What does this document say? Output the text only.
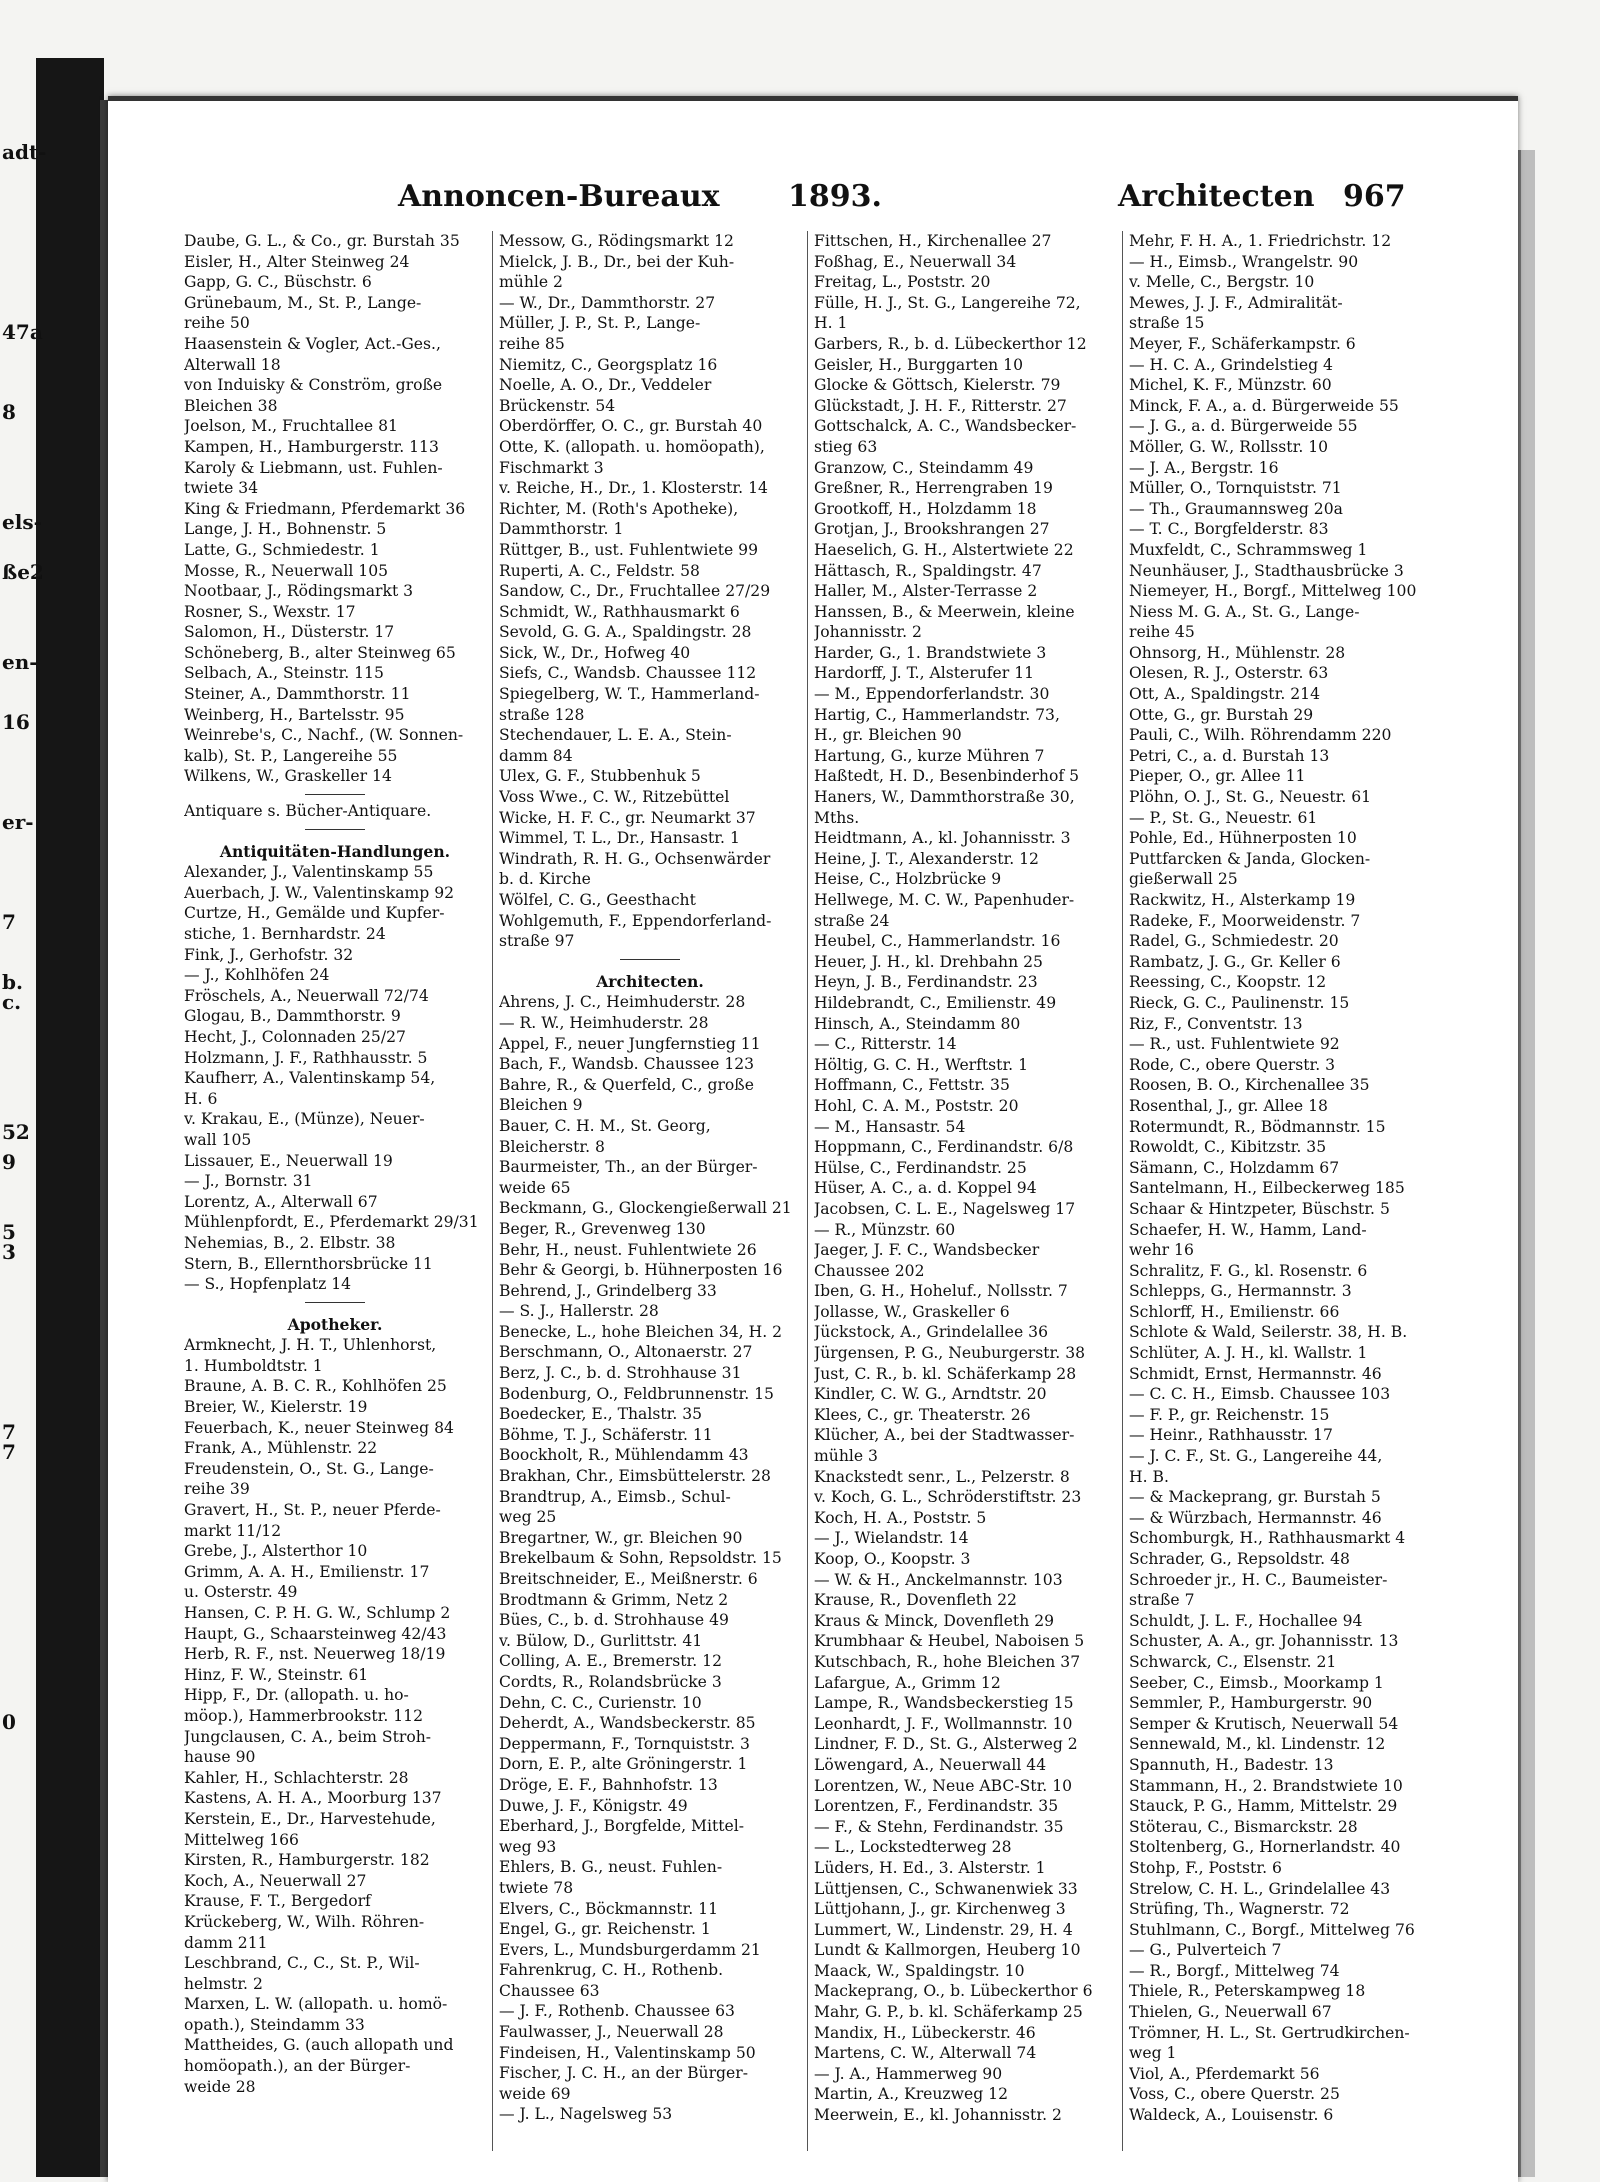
adt-
47a
8
els-
ße2
en-
16
er-
7
b.
c.
52
9
5
3
7
7
0
Annoncen-Bureaux 1893.	Architecten 967
Daube, G. L., & Co., gr. Burstah 35
Eisler, H., Alter Steinweg 24
Gapp, G. C., Büschstr. 6
Grünebaum, M., St. P., Lange-
reihe 50
Haasenstein & Vogler, Act.-Ges.,
Alterwall 18
von Induisky & Conström, große
Bleichen 38
Joelson, M., Fruchtallee 81
Kampen, H., Hamburgerstr. 113
Karoly & Liebmann, ust. Fuhlen-
twiete 34
King & Friedmann, Pferdemarkt 36
Lange, J. H., Bohnenstr. 5
Latte, G., Schmiedestr. 1
Mosse, R., Neuerwall 105
Nootbaar, J., Rödingsmarkt 3
Rosner, S., Wexstr. 17
Salomon, H., Düsterstr. 17
Schöneberg, B., alter Steinweg 65
Selbach, A., Steinstr. 115
Steiner, A., Dammthorstr. 11
Weinberg, H., Bartelsstr. 95
Weinrebe's, C., Nachf., (W. Sonnen-
kalb), St. P., Langereihe 55
Wilkens, W., Graskeller 14
Antiquare s. Bücher-Antiquare.
Antiquitäten-Handlungen.
Alexander, J., Valentinskamp 55
Auerbach, J. W., Valentinskamp 92
Curtze, H., Gemälde und Kupfer-
stiche, 1. Bernhardstr. 24
Fink, J., Gerhofstr. 32
— J., Kohlhöfen 24
Fröschels, A., Neuerwall 72/74
Glogau, B., Dammthorstr. 9
Hecht, J., Colonnaden 25/27
Holzmann, J. F., Rathhausstr. 5
Kaufherr, A., Valentinskamp 54,
H. 6
v. Krakau, E., (Münze), Neuer-
wall 105
Lissauer, E., Neuerwall 19
— J., Bornstr. 31
Lorentz, A., Alterwall 67
Mühlenpfordt, E., Pferdemarkt 29/31
Nehemias, B., 2. Elbstr. 38
Stern, B., Ellernthorsbrücke 11
— S., Hopfenplatz 14
Apotheker.
Armknecht, J. H. T., Uhlenhorst,
1. Humboldtstr. 1
Braune, A. B. C. R., Kohlhöfen 25
Breier, W., Kielerstr. 19
Feuerbach, K., neuer Steinweg 84
Frank, A., Mühlenstr. 22
Freudenstein, O., St. G., Lange-
reihe 39
Gravert, H., St. P., neuer Pferde-
markt 11/12
Grebe, J., Alsterthor 10
Grimm, A. A. H., Emilienstr. 17
u. Osterstr. 49
Hansen, C. P. H. G. W., Schlump 2
Haupt, G., Schaarsteinweg 42/43
Herb, R. F., nst. Neuerweg 18/19
Hinz, F. W., Steinstr. 61
Hipp, F., Dr. (allopath. u. ho-
möop.), Hammerbrookstr. 112
Jungclausen, C. A., beim Stroh-
hause 90
Kahler, H., Schlachterstr. 28
Kastens, A. H. A., Moorburg 137
Kerstein, E., Dr., Harvestehude,
Mittelweg 166
Kirsten, R., Hamburgerstr. 182
Koch, A., Neuerwall 27
Krause, F. T., Bergedorf
Krückeberg, W., Wilh. Röhren-
damm 211
Leschbrand, C., C., St. P., Wil-
helmstr. 2
Marxen, L. W. (allopath. u. homö-
opath.), Steindamm 33
Mattheides, G. (auch allopath und
homöopath.), an der Bürger-
weide 28
Messow, G., Rödingsmarkt 12
Mielck, J. B., Dr., bei der Kuh-
mühle 2
— W., Dr., Dammthorstr. 27
Müller, J. P., St. P., Lange-
reihe 85
Niemitz, C., Georgsplatz 16
Noelle, A. O., Dr., Veddeler
Brückenstr. 54
Oberdörffer, O. C., gr. Burstah 40
Otte, K. (allopath. u. homöopath),
Fischmarkt 3
v. Reiche, H., Dr., 1. Klosterstr. 14
Richter, M. (Roth's Apotheke),
Dammthorstr. 1
Rüttger, B., ust. Fuhlentwiete 99
Ruperti, A. C., Feldstr. 58
Sandow, C., Dr., Fruchtallee 27/29
Schmidt, W., Rathhausmarkt 6
Sevold, G. G. A., Spaldingstr. 28
Sick, W., Dr., Hofweg 40
Siefs, C., Wandsb. Chaussee 112
Spiegelberg, W. T., Hammerland-
straße 128
Stechendauer, L. E. A., Stein-
damm 84
Ulex, G. F., Stubbenhuk 5
Voss Wwe., C. W., Ritzebüttel
Wicke, H. F. C., gr. Neumarkt 37
Wimmel, T. L., Dr., Hansastr. 1
Windrath, R. H. G., Ochsenwärder
b. d. Kirche
Wölfel, C. G., Geesthacht
Wohlgemuth, F., Eppendorferland-
straße 97
Architecten.
Ahrens, J. C., Heimhuderstr. 28
— R. W., Heimhuderstr. 28
Appel, F., neuer Jungfernstieg 11
Bach, F., Wandsb. Chaussee 123
Bahre, R., & Querfeld, C., große
Bleichen 9
Bauer, C. H. M., St. Georg,
Bleicherstr. 8
Baurmeister, Th., an der Bürger-
weide 65
Beckmann, G., Glockengießerwall 21
Beger, R., Grevenweg 130
Behr, H., neust. Fuhlentwiete 26
Behr & Georgi, b. Hühnerposten 16
Behrend, J., Grindelberg 33
— S. J., Hallerstr. 28
Benecke, L., hohe Bleichen 34, H. 2
Berschmann, O., Altonaerstr. 27
Berz, J. C., b. d. Strohhause 31
Bodenburg, O., Feldbrunnenstr. 15
Boedecker, E., Thalstr. 35
Böhme, T. J., Schäferstr. 11
Boockholt, R., Mühlendamm 43
Brakhan, Chr., Eimsbüttelerstr. 28
Brandtrup, A., Eimsb., Schul-
weg 25
Bregartner, W., gr. Bleichen 90
Brekelbaum & Sohn, Repsoldstr. 15
Breitschneider, E., Meißnerstr. 6
Brodtmann & Grimm, Netz 2
Bües, C., b. d. Strohhause 49
v. Bülow, D., Gurlittstr. 41
Colling, A. E., Bremerstr. 12
Cordts, R., Rolandsbrücke 3
Dehn, C. C., Curienstr. 10
Deherdt, A., Wandsbeckerstr. 85
Deppermann, F., Tornquiststr. 3
Dorn, E. P., alte Gröningerstr. 1
Dröge, E. F., Bahnhofstr. 13
Duwe, J. F., Königstr. 49
Eberhard, J., Borgfelde, Mittel-
weg 93
Ehlers, B. G., neust. Fuhlen-
twiete 78
Elvers, C., Böckmannstr. 11
Engel, G., gr. Reichenstr. 1
Evers, L., Mundsburgerdamm 21
Fahrenkrug, C. H., Rothenb.
Chaussee 63
— J. F., Rothenb. Chaussee 63
Faulwasser, J., Neuerwall 28
Findeisen, H., Valentinskamp 50
Fischer, J. C. H., an der Bürger-
weide 69
— J. L., Nagelsweg 53
Fittschen, H., Kirchenallee 27
Foßhag, E., Neuerwall 34
Freitag, L., Poststr. 20
Fülle, H. J., St. G., Langereihe 72,
H. 1
Garbers, R., b. d. Lübeckerthor 12
Geisler, H., Burggarten 10
Glocke & Göttsch, Kielerstr. 79
Glückstadt, J. H. F., Ritterstr. 27
Gottschalck, A. C., Wandsbecker-
stieg 63
Granzow, C., Steindamm 49
Greßner, R., Herrengraben 19
Grootkoff, H., Holzdamm 18
Grotjan, J., Brookshrangen 27
Haeselich, G. H., Alstertwiete 22
Hättasch, R., Spaldingstr. 47
Haller, M., Alster-Terrasse 2
Hanssen, B., & Meerwein, kleine
Johannisstr. 2
Harder, G., 1. Brandstwiete 3
Hardorff, J. T., Alsterufer 11
— M., Eppendorferlandstr. 30
Hartig, C., Hammerlandstr. 73,
H., gr. Bleichen 90
Hartung, G., kurze Mühren 7
Haßtedt, H. D., Besenbinderhof 5
Haners, W., Dammthorstraße 30,
Mths.
Heidtmann, A., kl. Johannisstr. 3
Heine, J. T., Alexanderstr. 12
Heise, C., Holzbrücke 9
Hellwege, M. C. W., Papenhuder-
straße 24
Heubel, C., Hammerlandstr. 16
Heuer, J. H., kl. Drehbahn 25
Heyn, J. B., Ferdinandstr. 23
Hildebrandt, C., Emilienstr. 49
Hinsch, A., Steindamm 80
— C., Ritterstr. 14
Höltig, G. C. H., Werftstr. 1
Hoffmann, C., Fettstr. 35
Hohl, C. A. M., Poststr. 20
— M., Hansastr. 54
Hoppmann, C., Ferdinandstr. 6/8
Hülse, C., Ferdinandstr. 25
Hüser, A. C., a. d. Koppel 94
Jacobsen, C. L. E., Nagelsweg 17
— R., Münzstr. 60
Jaeger, J. F. C., Wandsbecker
Chaussee 202
Iben, G. H., Hoheluf., Nollsstr. 7
Jollasse, W., Graskeller 6
Jückstock, A., Grindelallee 36
Jürgensen, P. G., Neuburgerstr. 38
Just, C. R., b. kl. Schäferkamp 28
Kindler, C. W. G., Arndtstr. 20
Klees, C., gr. Theaterstr. 26
Klücher, A., bei der Stadtwasser-
mühle 3
Knackstedt senr., L., Pelzerstr. 8
v. Koch, G. L., Schröderstiftstr. 23
Koch, H. A., Poststr. 5
— J., Wielandstr. 14
Koop, O., Koopstr. 3
— W. & H., Anckelmannstr. 103
Krause, R., Dovenfleth 22
Kraus & Minck, Dovenfleth 29
Krumbhaar & Heubel, Naboisen 5
Kutschbach, R., hohe Bleichen 37
Lafargue, A., Grimm 12
Lampe, R., Wandsbeckerstieg 15
Leonhardt, J. F., Wollmannstr. 10
Lindner, F. D., St. G., Alsterweg 2
Löwengard, A., Neuerwall 44
Lorentzen, W., Neue ABC-Str. 10
Lorentzen, F., Ferdinandstr. 35
— F., & Stehn, Ferdinandstr. 35
— L., Lockstedterweg 28
Lüders, H. Ed., 3. Alsterstr. 1
Lüttjensen, C., Schwanenwiek 33
Lüttjohann, J., gr. Kirchenweg 3
Lummert, W., Lindenstr. 29, H. 4
Lundt & Kallmorgen, Heuberg 10
Maack, W., Spaldingstr. 10
Mackeprang, O., b. Lübeckerthor 6
Mahr, G. P., b. kl. Schäferkamp 25
Mandix, H., Lübeckerstr. 46
Martens, C. W., Alterwall 74
— J. A., Hammerweg 90
Martin, A., Kreuzweg 12
Meerwein, E., kl. Johannisstr. 2
Mehr, F. H. A., 1. Friedrichstr. 12
— H., Eimsb., Wrangelstr. 90
v. Melle, C., Bergstr. 10
Mewes, J. J. F., Admiralität-
straße 15
Meyer, F., Schäferkampstr. 6
— H. C. A., Grindelstieg 4
Michel, K. F., Münzstr. 60
Minck, F. A., a. d. Bürgerweide 55
— J. G., a. d. Bürgerweide 55
Möller, G. W., Rollsstr. 10
— J. A., Bergstr. 16
Müller, O., Tornquiststr. 71
— Th., Graumannsweg 20a
— T. C., Borgfelderstr. 83
Muxfeldt, C., Schrammsweg 1
Neunhäuser, J., Stadthausbrücke 3
Niemeyer, H., Borgf., Mittelweg 100
Niess M. G. A., St. G., Lange-
reihe 45
Ohnsorg, H., Mühlenstr. 28
Olesen, R. J., Osterstr. 63
Ott, A., Spaldingstr. 214
Otte, G., gr. Burstah 29
Pauli, C., Wilh. Röhrendamm 220
Petri, C., a. d. Burstah 13
Pieper, O., gr. Allee 11
Plöhn, O. J., St. G., Neuestr. 61
— P., St. G., Neuestr. 61
Pohle, Ed., Hühnerposten 10
Puttfarcken & Janda, Glocken-
gießerwall 25
Rackwitz, H., Alsterkamp 19
Radeke, F., Moorweidenstr. 7
Radel, G., Schmiedestr. 20
Rambatz, J. G., Gr. Keller 6
Reessing, C., Koopstr. 12
Rieck, G. C., Paulinenstr. 15
Riz, F., Conventstr. 13
— R., ust. Fuhlentwiete 92
Rode, C., obere Querstr. 3
Roosen, B. O., Kirchenallee 35
Rosenthal, J., gr. Allee 18
Rotermundt, R., Bödmannstr. 15
Rowoldt, C., Kibitzstr. 35
Sämann, C., Holzdamm 67
Santelmann, H., Eilbeckerweg 185
Schaar & Hintzpeter, Büschstr. 5
Schaefer, H. W., Hamm, Land-
wehr 16
Schralitz, F. G., kl. Rosenstr. 6
Schlepps, G., Hermannstr. 3
Schlorff, H., Emilienstr. 66
Schlote & Wald, Seilerstr. 38, H. B.
Schlüter, A. J. H., kl. Wallstr. 1
Schmidt, Ernst, Hermannstr. 46
— C. C. H., Eimsb. Chaussee 103
— F. P., gr. Reichenstr. 15
— Heinr., Rathhausstr. 17
— J. C. F., St. G., Langereihe 44,
H. B.
— & Mackeprang, gr. Burstah 5
— & Würzbach, Hermannstr. 46
Schomburgk, H., Rathhausmarkt 4
Schrader, G., Repsoldstr. 48
Schroeder jr., H. C., Baumeister-
straße 7
Schuldt, J. L. F., Hochallee 94
Schuster, A. A., gr. Johannisstr. 13
Schwarck, C., Elsenstr. 21
Seeber, C., Eimsb., Moorkamp 1
Semmler, P., Hamburgerstr. 90
Semper & Krutisch, Neuerwall 54
Sennewald, M., kl. Lindenstr. 12
Spannuth, H., Badestr. 13
Stammann, H., 2. Brandstwiete 10
Stauck, P. G., Hamm, Mittelstr. 29
Stöterau, C., Bismarckstr. 28
Stoltenberg, G., Hornerlandstr. 40
Stohp, F., Poststr. 6
Strelow, C. H. L., Grindelallee 43
Strüfing, Th., Wagnerstr. 72
Stuhlmann, C., Borgf., Mittelweg 76
— G., Pulverteich 7
— R., Borgf., Mittelweg 74
Thiele, R., Peterskampweg 18
Thielen, G., Neuerwall 67
Trömner, H. L., St. Gertrudkirchen-
weg 1
Viol, A., Pferdemarkt 56
Voss, C., obere Querstr. 25
Waldeck, A., Louisenstr. 6
